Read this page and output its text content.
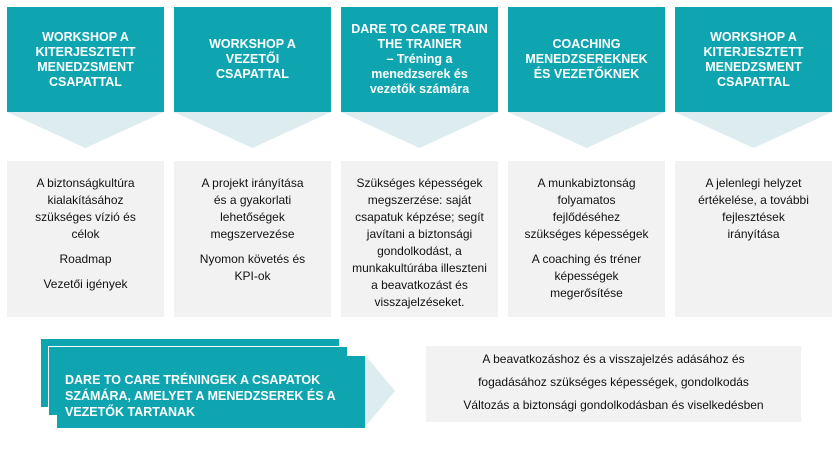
WORKSHOP A
KITERJESZTETT
MENEDZSMENT
CSAPATTAL

A biztonságkultúra
kialakításához
szükséges vízió és
célok

Roadmap

Vezetői igények

WORKSHOP A
VEZETŐI
CSAPATTAL

A projekt irányítása
és a gyakorlati
lehetőségek
megszervezése

Nyomon követés és
KPI-ok

DARE TO CARE TRAIN
THE TRAINER
– Tréning a
menedzserek és
vezetők számára

Szükséges képességek
megszerzése: saját
csapatuk képzése; segít
javítani a biztonsági
gondolkodást, a
munkakultúrába illeszteni
a beavatkozást és
visszajelzéseket.

COACHING
MENEDZSEREKNEK
ÉS VEZETŐKNEK

A munkabiztonság
folyamatos
fejlődéséhez
szükséges képességek

A coaching és tréner
képességek
megerősítése

WORKSHOP A
KITERJESZTETT
MENEDZSMENT
CSAPATTAL

A jelenlegi helyzet
értékelése, a további
fejlesztések
irányítása

DARE TO CARE TRÉNINGEK A CSAPATOK
SZÁMÁRA, AMELYET A MENEDZSEREK ÉS A
VEZETŐK TARTANAK
A beavatkozáshoz és a visszajelzés adásához és
fogadásához szükséges képességek, gondolkodás
Változás a biztonsági gondolkodásban és viselkedésben
